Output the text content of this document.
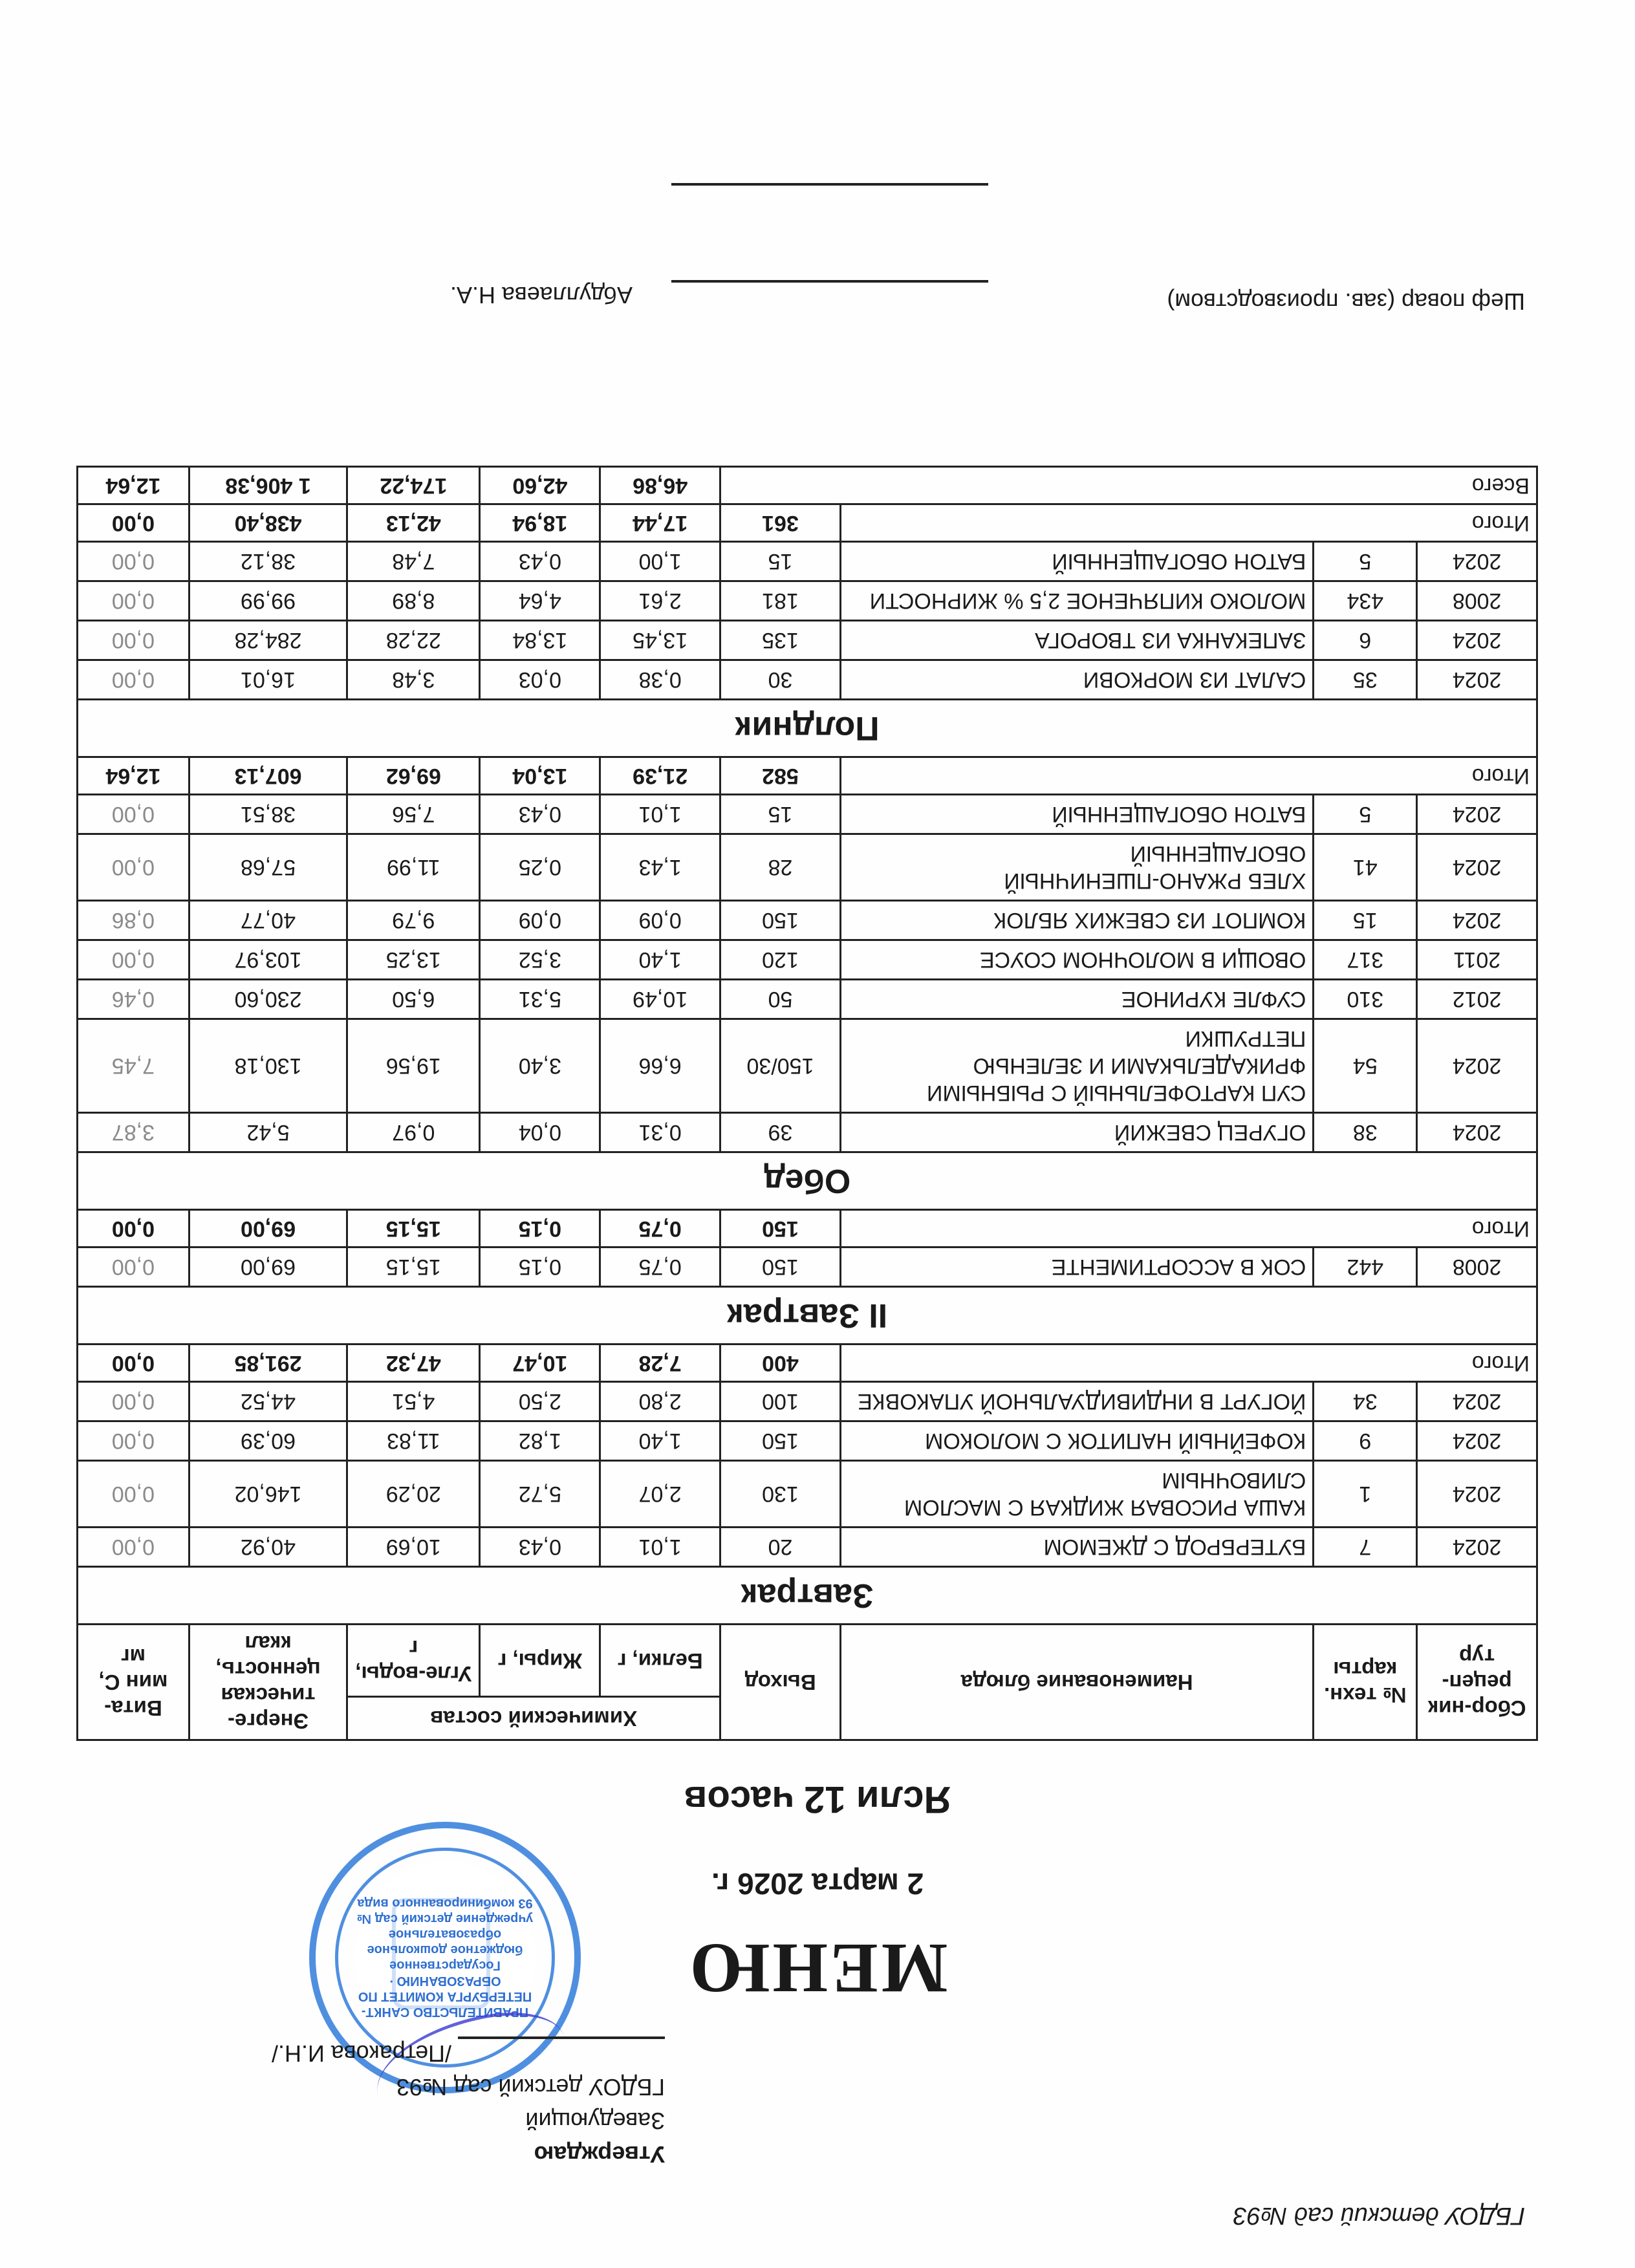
ГБДОУ детский сад №93
ПРАВИТЕЛЬСТВО САНКТ-ПЕТЕРБУРГА КОМИТЕТ ПО ОБРАЗОВАНИЮ · Государственное бюджетное дошкольное образовательное учреждение детский сад № 93 комбинированного вида
Утверждаю
Заведующий
ГБДОУ детский сад №93
/Петракова И.Н./
МЕНЮ
2 марта 2026 г.
Ясли 12 часов
Сбор-ник рецеп-тур	№ техн. карты	Наименование блюда	Выход	Химический состав			Энерге-тическая ценность, ккал	Вита-мин С, мг
				Белки, г	Жиры, г	Угле-воды, г		
Завтрак								
2024	7	БУТЕРБРОД С ДЖЕМОМ	20	1,01	0,43	10,69	40,92	0,00
2024	1	КАША РИСОВАЯ ЖИДКАЯ С МАСЛОМ СЛИВОЧНЫМ	130	2,07	5,72	20,29	146,02	0,00
2024	9	КОФЕЙНЫЙ НАПИТОК С МОЛОКОМ	150	1,40	1,82	11,83	60,39	0,00
2024	34	ЙОГУРТ В ИНДИВИДУАЛЬНОЙ УПАКОВКЕ	100	2,80	2,50	4,51	44,52	0,00
Итого			400	7,28	10,47	47,32	291,85	0,00
II Завтрак								
2008	442	СОК В АССОРТИМЕНТЕ	150	0,75	0,15	15,15	69,00	0,00
Итого			150	0,75	0,15	15,15	69,00	0,00
Обед								
2024	38	ОГУРЕЦ СВЕЖИЙ	39	0,31	0,04	0,97	5,42	3,87
2024	54	СУП КАРТОФЕЛЬНЫЙ С РЫБНЫМИ ФРИКАДЕЛЬКАМИ И ЗЕЛЕНЬЮ ПЕТРУШКИ	150/30	6,66	3,40	19,56	130,18	7,45
2012	310	СУФЛЕ КУРИНОЕ	50	10,49	5,31	6,50	230,60	0,46
2011	317	ОВОЩИ В МОЛОЧНОМ СОУСЕ	120	1,40	3,52	13,25	103,97	0,00
2024	15	КОМПОТ ИЗ СВЕЖИХ ЯБЛОК	150	0,09	0,09	9,79	40,77	0,86
2024	41	ХЛЕБ РЖАНО-ПШЕНИЧНЫЙ ОБОГАЩЕННЫЙ	28	1,43	0,25	11,99	57,68	0,00
2024	5	БАТОН ОБОГАЩЕННЫЙ	15	1,01	0,43	7,56	38,51	0,00
Итого			582	21,39	13,04	69,62	607,13	12,64
Полдник								
2024	35	САЛАТ ИЗ МОРКОВИ	30	0,38	0,03	3,48	16,01	0,00
2024	6	ЗАПЕКАНКА ИЗ ТВОРОГА	135	13,45	13,84	22,28	284,28	0,00
2008	434	МОЛОКО КИПЯЧЕНОЕ 2,5 % ЖИРНОСТИ	181	2,61	4,64	8,89	99,99	0,00
2024	5	БАТОН ОБОГАЩЕННЫЙ	15	1,00	0,43	7,48	38,12	0,00
Итого			361	17,44	18,94	42,13	438,40	0,00
Всего				46,86	42,60	174,22	1 406,38	12,64
Шеф повар (зав. производством)
Абдуллаева Н.А.
